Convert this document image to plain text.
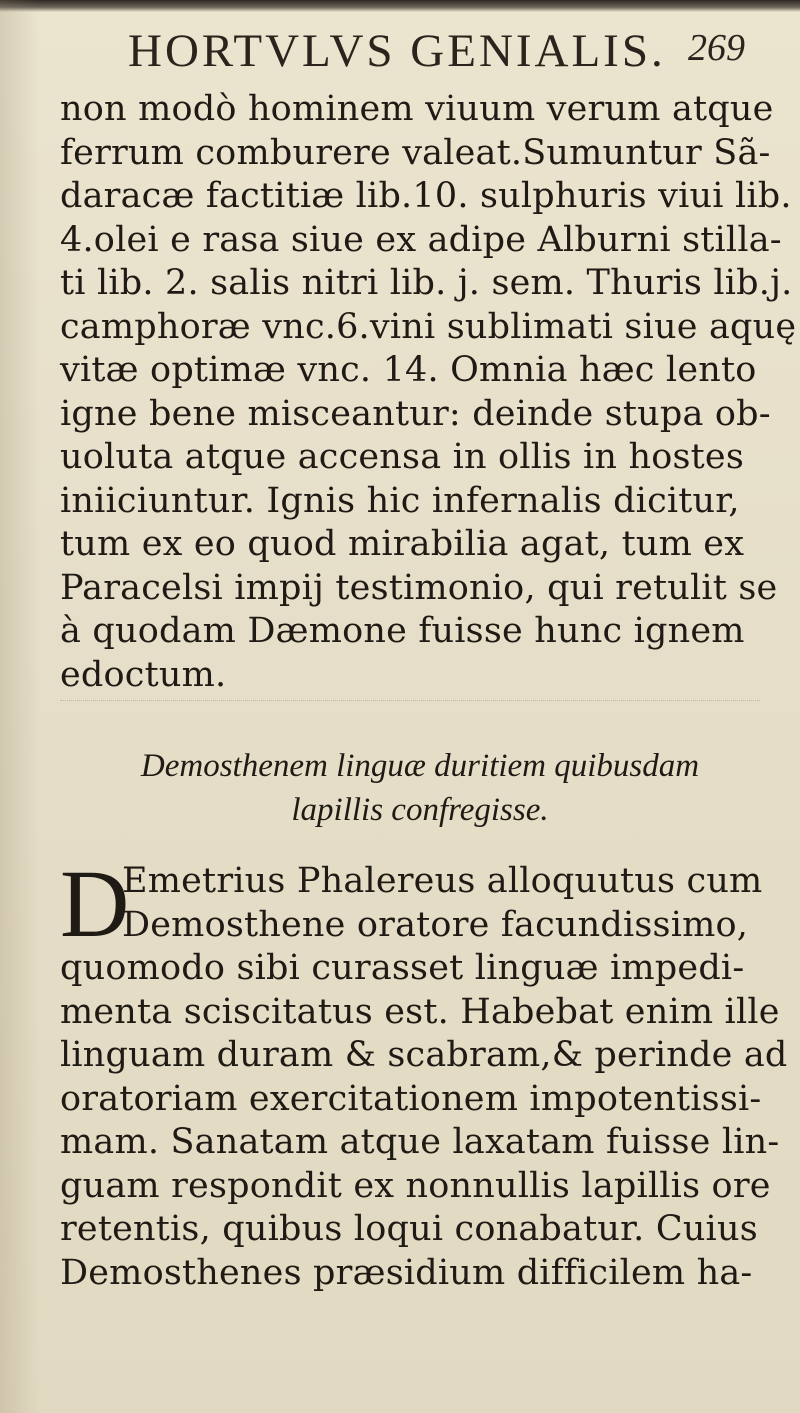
HORTVLVS GENIALIS. 269
non modò hominem viuum verum atque
ferrum comburere valeat.Sumuntur Sã-
daracæ factitiæ lib.10. sulphuris viui lib.
4.olei e rasa siue ex adipe Alburni stilla-
ti lib. 2. salis nitri lib. j. sem. Thuris lib.j.
camphoræ vnc.6.vini sublimati siue aquę
vitæ optimæ vnc. 14. Omnia hæc lento
igne bene misceantur: deinde stupa ob-
uoluta atque accensa in ollis in hostes
iniiciuntur. Ignis hic infernalis dicitur,
tum ex eo quod mirabilia agat, tum ex
Paracelsi impij testimonio, qui retulit se
à quodam Dæmone fuisse hunc ignem
edoctum.
Demosthenem linguæ duritiem quibusdam
lapillis confregisse.
D
Emetrius Phalereus alloquutus cum
Demosthene oratore facundissimo,
quomodo sibi curasset linguæ impedi-
menta sciscitatus est. Habebat enim ille
linguam duram & scabram,& perinde ad
oratoriam exercitationem impotentissi-
mam. Sanatam atque laxatam fuisse lin-
guam respondit ex nonnullis lapillis ore
retentis, quibus loqui conabatur. Cuius
Demosthenes præsidium difficilem ha-
